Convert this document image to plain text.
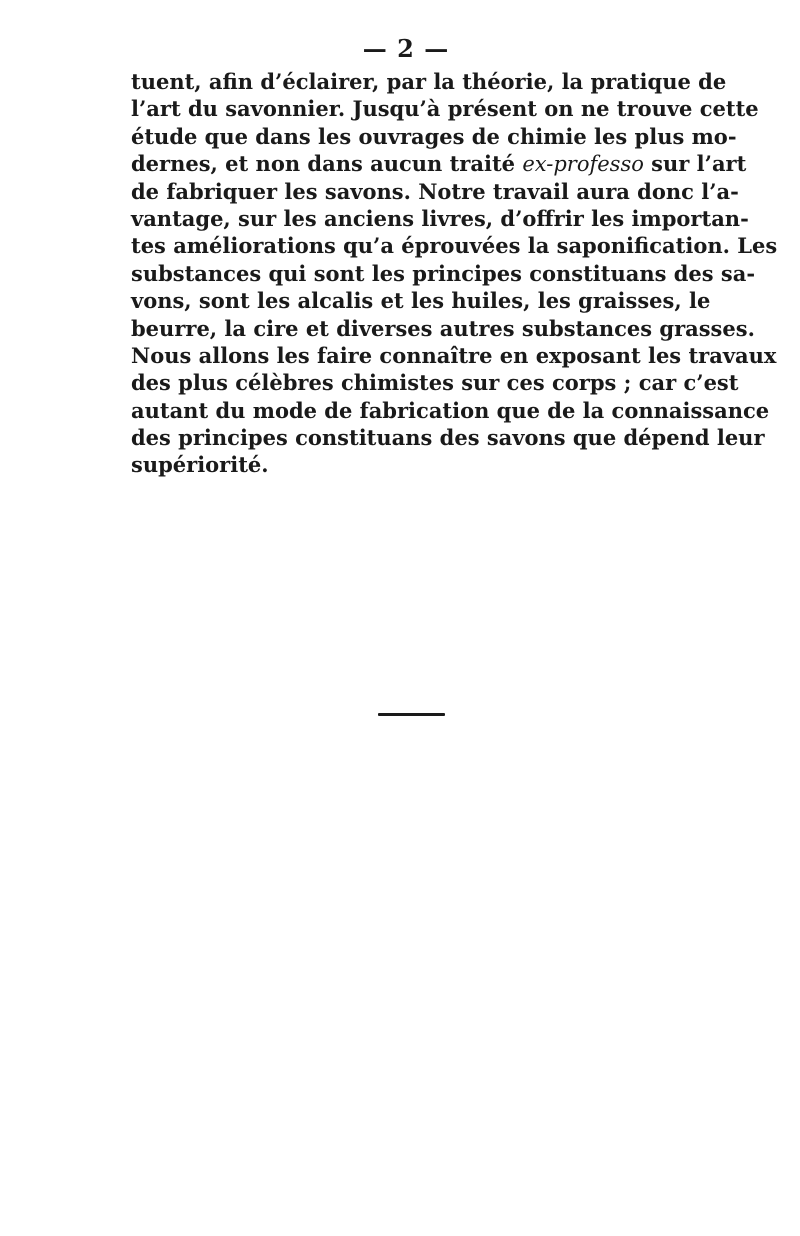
— 2 —
tuent, afin d’éclairer, par la théorie, la pratique de
l’art du savonnier. Jusqu’à présent on ne trouve cette
étude que dans les ouvrages de chimie les plus mo-
dernes, et non dans aucun traité ex-professo sur l’art
de fabriquer les savons. Notre travail aura donc l’a-
vantage, sur les anciens livres, d’offrir les importan-
tes améliorations qu’a éprouvées la saponification. Les
substances qui sont les principes constituans des sa-
vons, sont les alcalis et les huiles, les graisses, le
beurre, la cire et diverses autres substances grasses.
Nous allons les faire connaître en exposant les travaux
des plus célèbres chimistes sur ces corps ; car c’est
autant du mode de fabrication que de la connaissance
des principes constituans des savons que dépend leur
supériorité.
